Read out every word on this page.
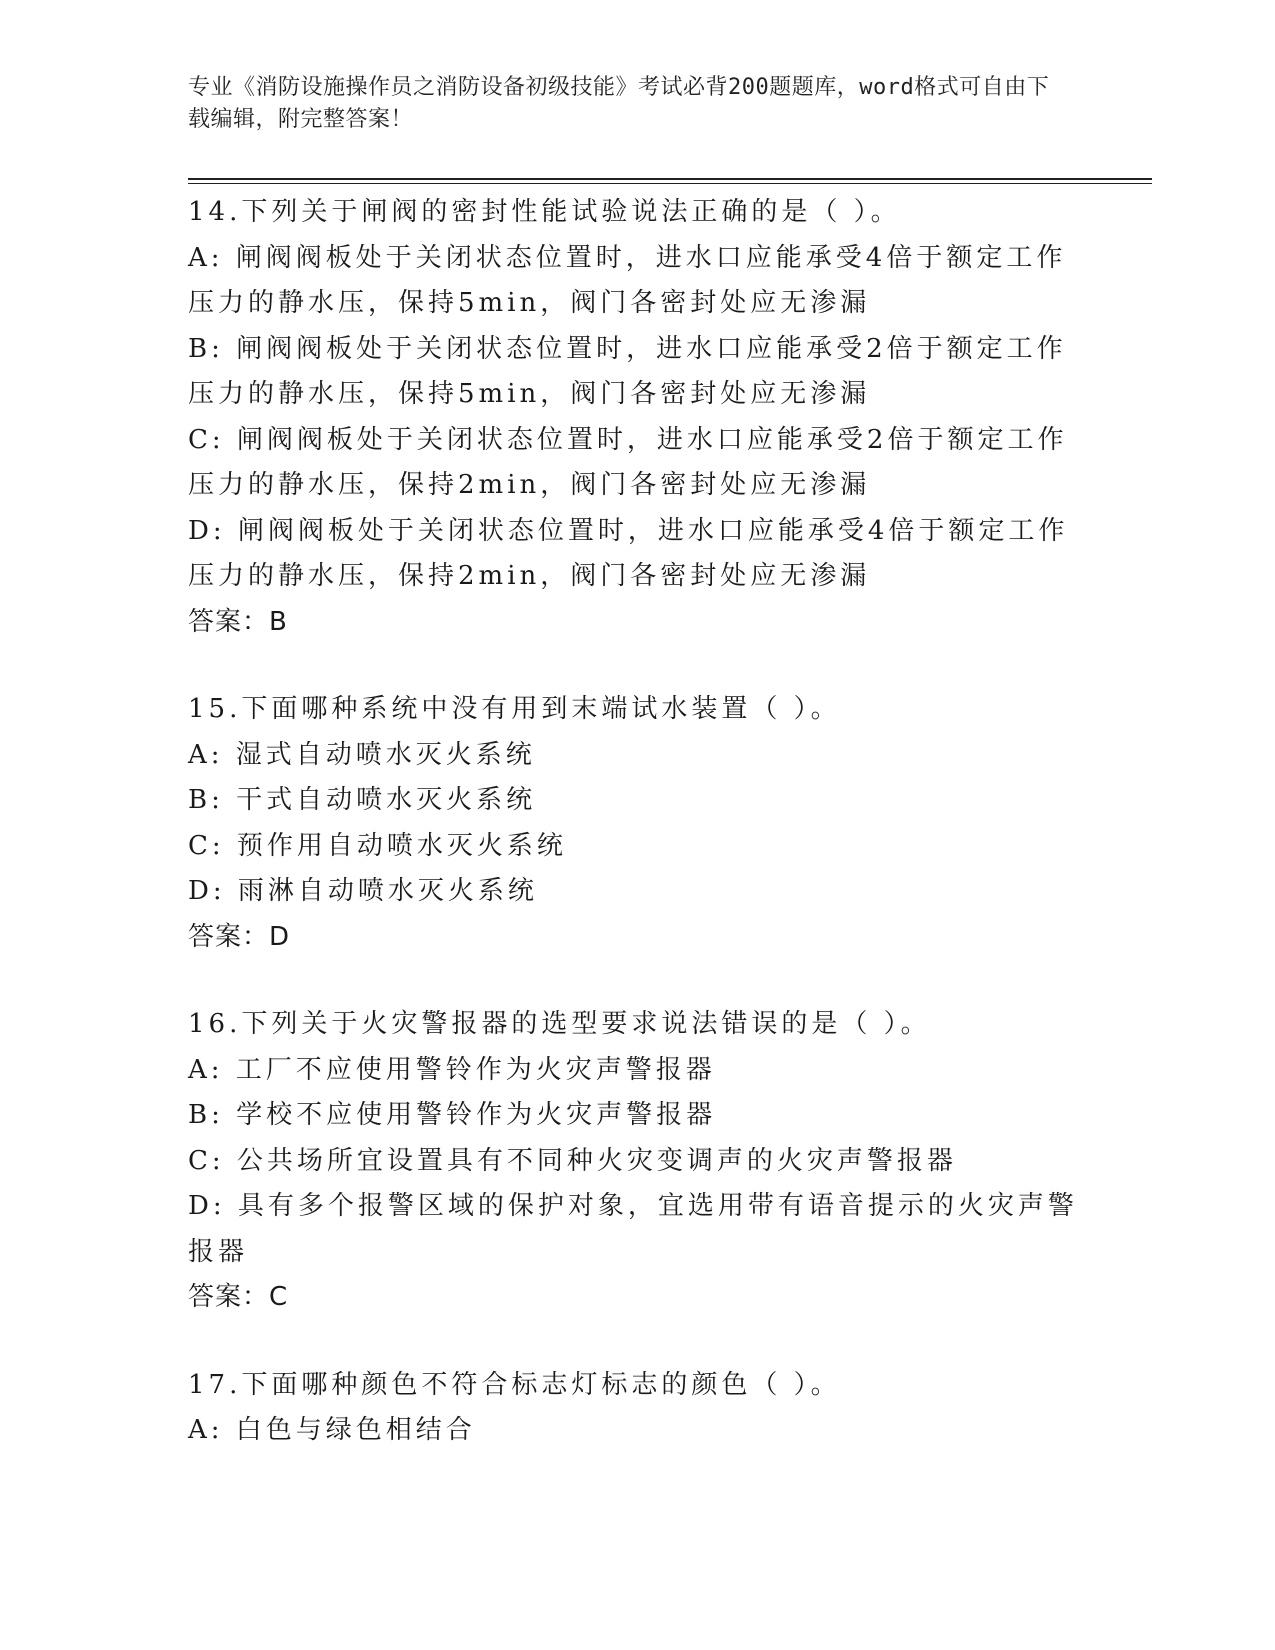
专业《消防设施操作员之消防设备初级技能》考试必背200题题库，word格式可自由下载编辑，附完整答案！
14.下列关于闸阀的密封性能试验说法正确的是（ ）。
A: 闸阀阀板处于关闭状态位置时，进水口应能承受4倍于额定工作压力的静水压，保持5min，阀门各密封处应无渗漏
B: 闸阀阀板处于关闭状态位置时，进水口应能承受2倍于额定工作压力的静水压，保持5min，阀门各密封处应无渗漏
C: 闸阀阀板处于关闭状态位置时，进水口应能承受2倍于额定工作压力的静水压，保持2min，阀门各密封处应无渗漏
D: 闸阀阀板处于关闭状态位置时，进水口应能承受4倍于额定工作压力的静水压，保持2min，阀门各密封处应无渗漏
答案：B
15.下面哪种系统中没有用到末端试水装置（ ）。
A: 湿式自动喷水灭火系统
B: 干式自动喷水灭火系统
C: 预作用自动喷水灭火系统
D: 雨淋自动喷水灭火系统
答案：D
16.下列关于火灾警报器的选型要求说法错误的是（ ）。
A: 工厂不应使用警铃作为火灾声警报器
B: 学校不应使用警铃作为火灾声警报器
C: 公共场所宜设置具有不同种火灾变调声的火灾声警报器
D: 具有多个报警区域的保护对象，宜选用带有语音提示的火灾声警报器
答案：C
17.下面哪种颜色不符合标志灯标志的颜色（ ）。
A: 白色与绿色相结合
